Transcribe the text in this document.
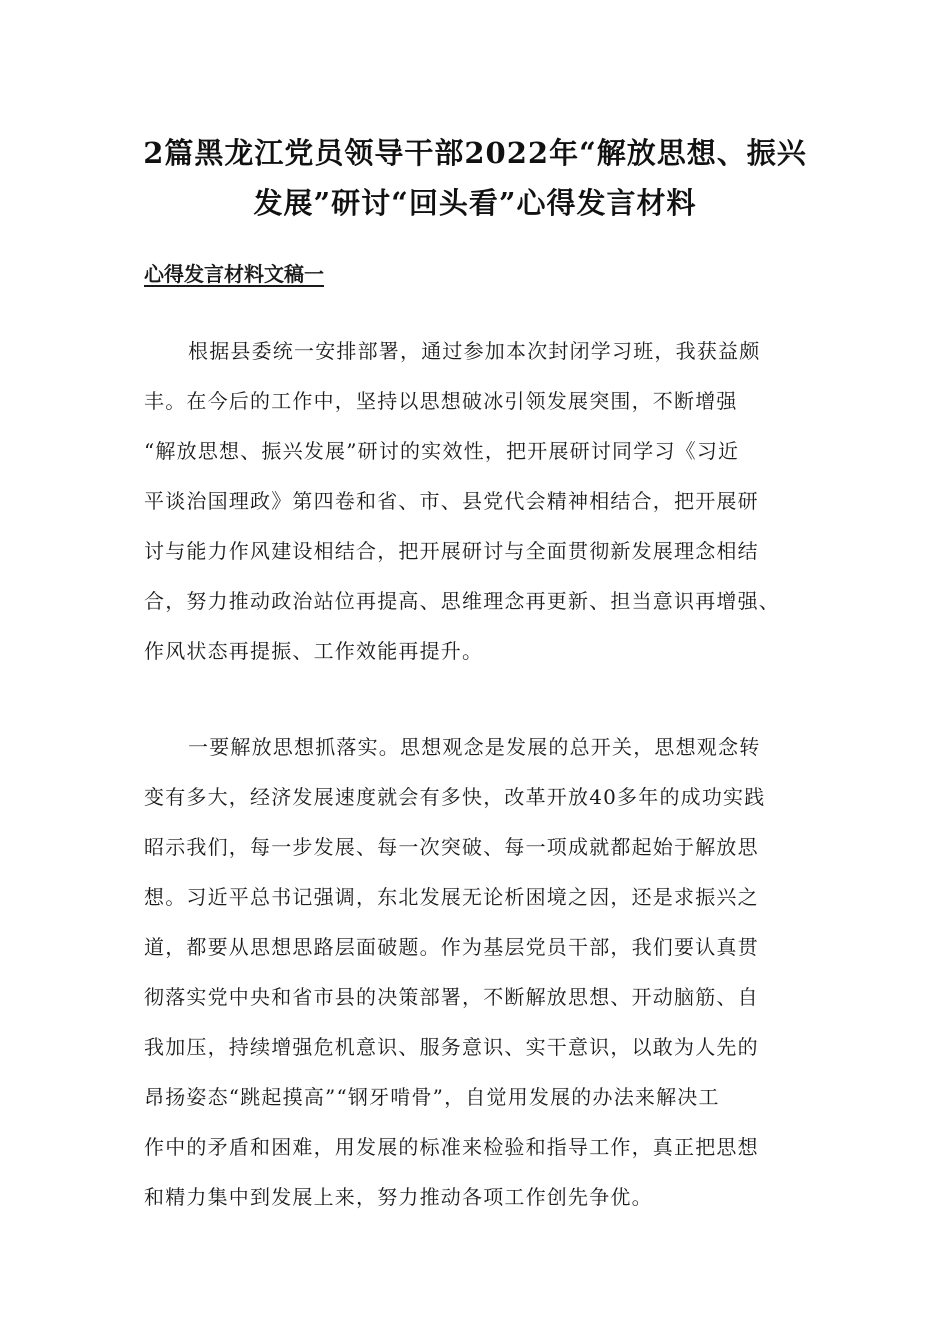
2篇黑龙江党员领导干部2022年“解放思想、振兴
发展”研讨“回头看”心得发言材料
心得发言材料文稿一
根据县委统一安排部署，通过参加本次封闭学习班，我获益颇
丰。在今后的工作中，坚持以思想破冰引领发展突围，不断增强
“解放思想、振兴发展”研讨的实效性，把开展研讨同学习《习近
平谈治国理政》第四卷和省、市、县党代会精神相结合，把开展研
讨与能力作风建设相结合，把开展研讨与全面贯彻新发展理念相结
合，努力推动政治站位再提高、思维理念再更新、担当意识再增强、
作风状态再提振、工作效能再提升。
一要解放思想抓落实。思想观念是发展的总开关，思想观念转
变有多大，经济发展速度就会有多快，改革开放40多年的成功实践
昭示我们，每一步发展、每一次突破、每一项成就都起始于解放思
想。习近平总书记强调，东北发展无论析困境之因，还是求振兴之
道，都要从思想思路层面破题。作为基层党员干部，我们要认真贯
彻落实党中央和省市县的决策部署，不断解放思想、开动脑筋、自
我加压，持续增强危机意识、服务意识、实干意识，以敢为人先的
昂扬姿态“跳起摸高”“钢牙啃骨”，自觉用发展的办法来解决工
作中的矛盾和困难，用发展的标准来检验和指导工作，真正把思想
和精力集中到发展上来，努力推动各项工作创先争优。
